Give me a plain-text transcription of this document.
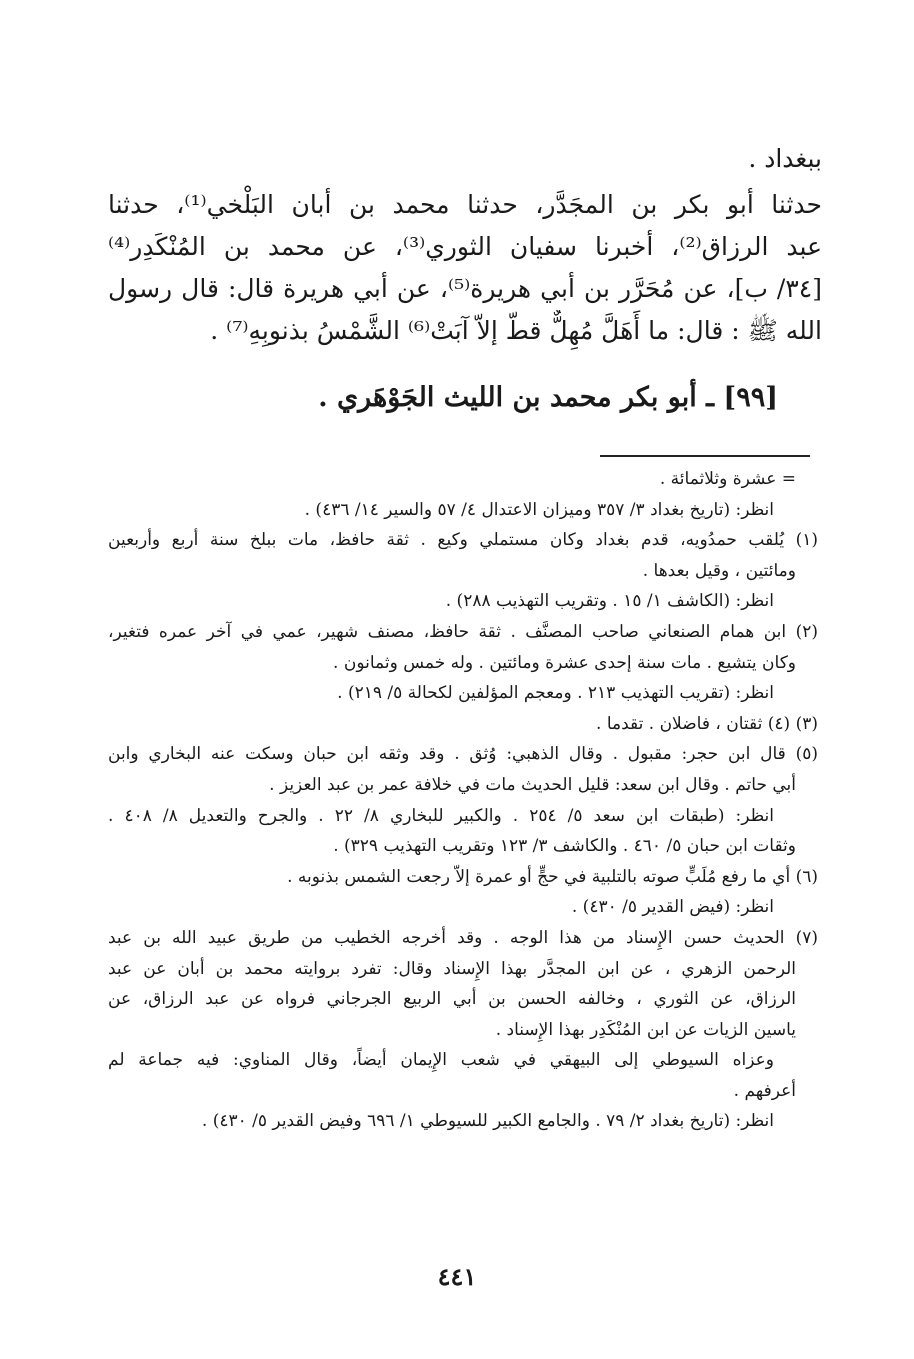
ببغداد .

حدثنا أبو بكر بن المجَدَّر، حدثنا محمد بن أبان البَلْخي⁽¹⁾، حدثنا

عبد الرزاق⁽²⁾، أخبرنا سفيان الثوري⁽³⁾، عن محمد بن المُنْكَدِر⁽⁴⁾

[٣٤/ ب]، عن مُحَرَّر بن أبي هريرة⁽⁵⁾، عن أبي هريرة قال: قال رسول

الله ﷺ : قال: ما أَهَلَّ مُهِلٌّ قطّ إلاّ آبَتْ⁽⁶⁾ الشَّمْسُ بذنوبِهِ⁽⁷⁾ .

[٩٩] ـ أبو بكر محمد بن الليث الجَوْهَري .

= عشرة وثلاثمائة .

انظر: (تاريخ بغداد ٣/ ٣٥٧ وميزان الاعتدال ٤/ ٥٧ والسير ١٤/ ٤٣٦) .

(١) يُلقب حمدُويه، قدم بغداد وكان مستملي وكيع . ثقة حافظ، مات ببلخ سنة أربع وأربعين

ومائتين ، وقيل بعدها .

انظر: (الكاشف ١/ ١٥ . وتقريب التهذيب ٢٨٨) .

(٢) ابن همام الصنعاني صاحب المصنَّف . ثقة حافظ، مصنف شهير، عمي في آخر عمره فتغير،

وكان يتشيع . مات سنة إحدى عشرة ومائتين . وله خمس وثمانون .

انظر: (تقريب التهذيب ٢١٣ . ومعجم المؤلفين لكحالة ٥/ ٢١٩) .

(٣) (٤) ثقتان ، فاضلان . تقدما .

(٥) قال ابن حجر: مقبول . وقال الذهبي: وُثق . وقد وثقه ابن حبان وسكت عنه البخاري وابن

أبي حاتم . وقال ابن سعد: قليل الحديث مات في خلافة عمر بن عبد العزيز .

انظر: (طبقات ابن سعد ٥/ ٢٥٤ . والكبير للبخاري ٨/ ٢٢ . والجرح والتعديل ٨/ ٤٠٨ .

وثقات ابن حبان ٥/ ٤٦٠ . والكاشف ٣/ ١٢٣ وتقريب التهذيب ٣٢٩) .

(٦) أي ما رفع مُلَبٍّ صوته بالتلبية في حجٍّ أو عمرة إلاّ رجعت الشمس بذنوبه .

انظر: (فيض القدير ٥/ ٤٣٠) .

(٧) الحديث حسن الإِسناد من هذا الوجه . وقد أخرجه الخطيب من طريق عبيد الله بن عبد

الرحمن الزهري ، عن ابن المجدَّر بهذا الإِسناد وقال: تفرد بروايته محمد بن أبان عن عبد

الرزاق، عن الثوري ، وخالفه الحسن بن أبي الربيع الجرجاني فرواه عن عبد الرزاق، عن

ياسين الزيات عن ابن المُنْكَدِر بهذا الإِسناد .

وعزاه السيوطي إلى البيهقي في شعب الإِيمان أيضاً، وقال المناوي: فيه جماعة لم

أعرفهم .

انظر: (تاريخ بغداد ٢/ ٧٩ . والجامع الكبير للسيوطي ١/ ٦٩٦ وفيض القدير ٥/ ٤٣٠) .

٤٤١
